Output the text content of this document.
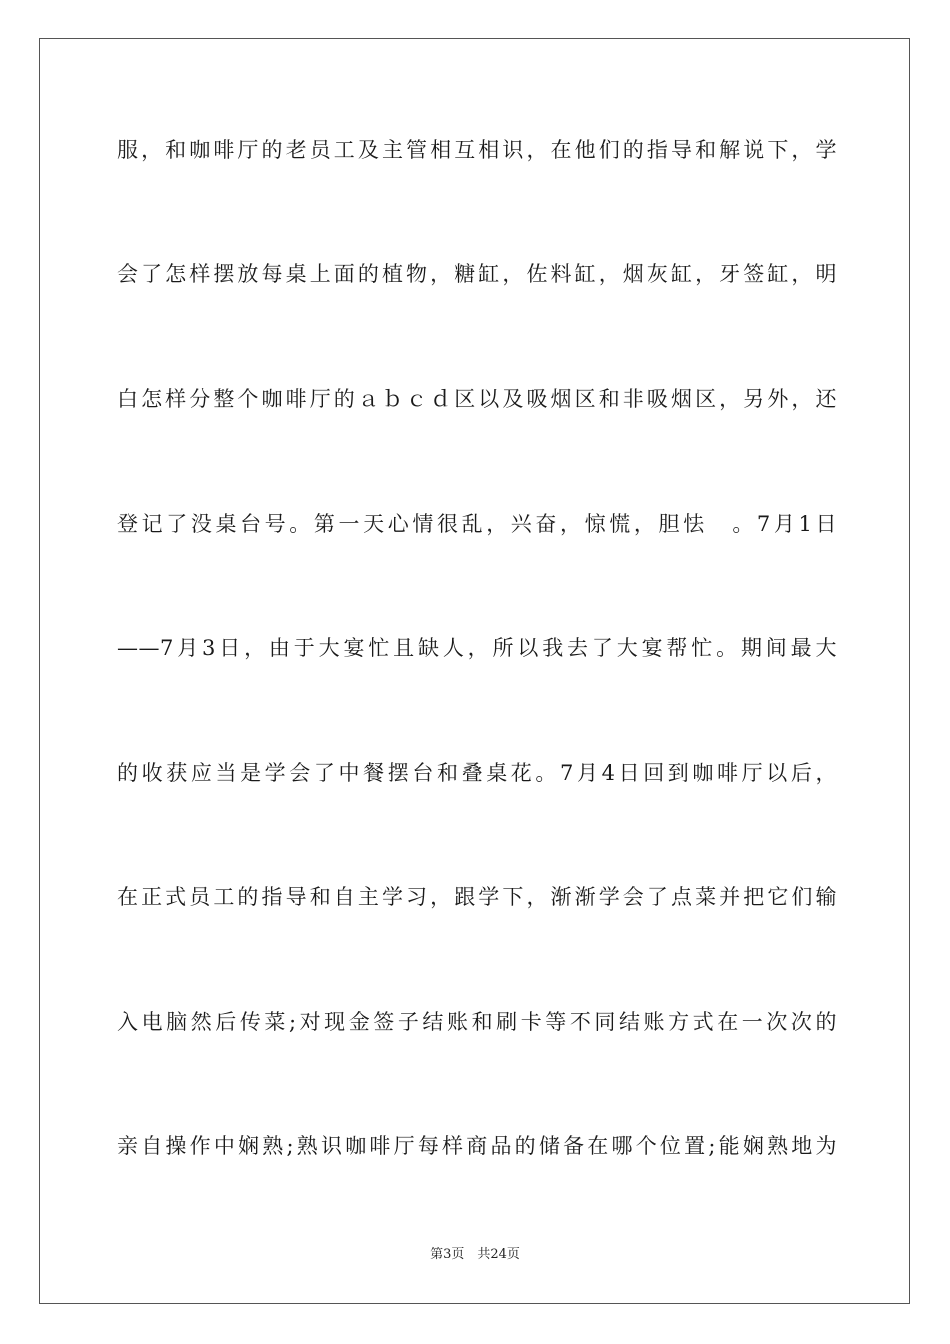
服，和咖啡厅的老员工及主管相互相识，在他们的指导和解说下，学
会了怎样摆放每桌上面的植物，糖缸，佐料缸，烟灰缸，牙签缸，明
白怎样分整个咖啡厅的ａｂｃｄ区以及吸烟区和非吸烟区，另外，还
登记了没桌台号。第一天心情很乱，兴奋，惊慌，胆怯　。7月1日
——7月3日，由于大宴忙且缺人，所以我去了大宴帮忙。期间最大
的收获应当是学会了中餐摆台和叠桌花。7月4日回到咖啡厅以后，
在正式员工的指导和自主学习，跟学下，渐渐学会了点菜并把它们输
入电脑然后传菜;对现金签子结账和刷卡等不同结账方式在一次次的
亲自操作中娴熟;熟识咖啡厅每样商品的储备在哪个位置;能娴熟地为
第3页　共24页
